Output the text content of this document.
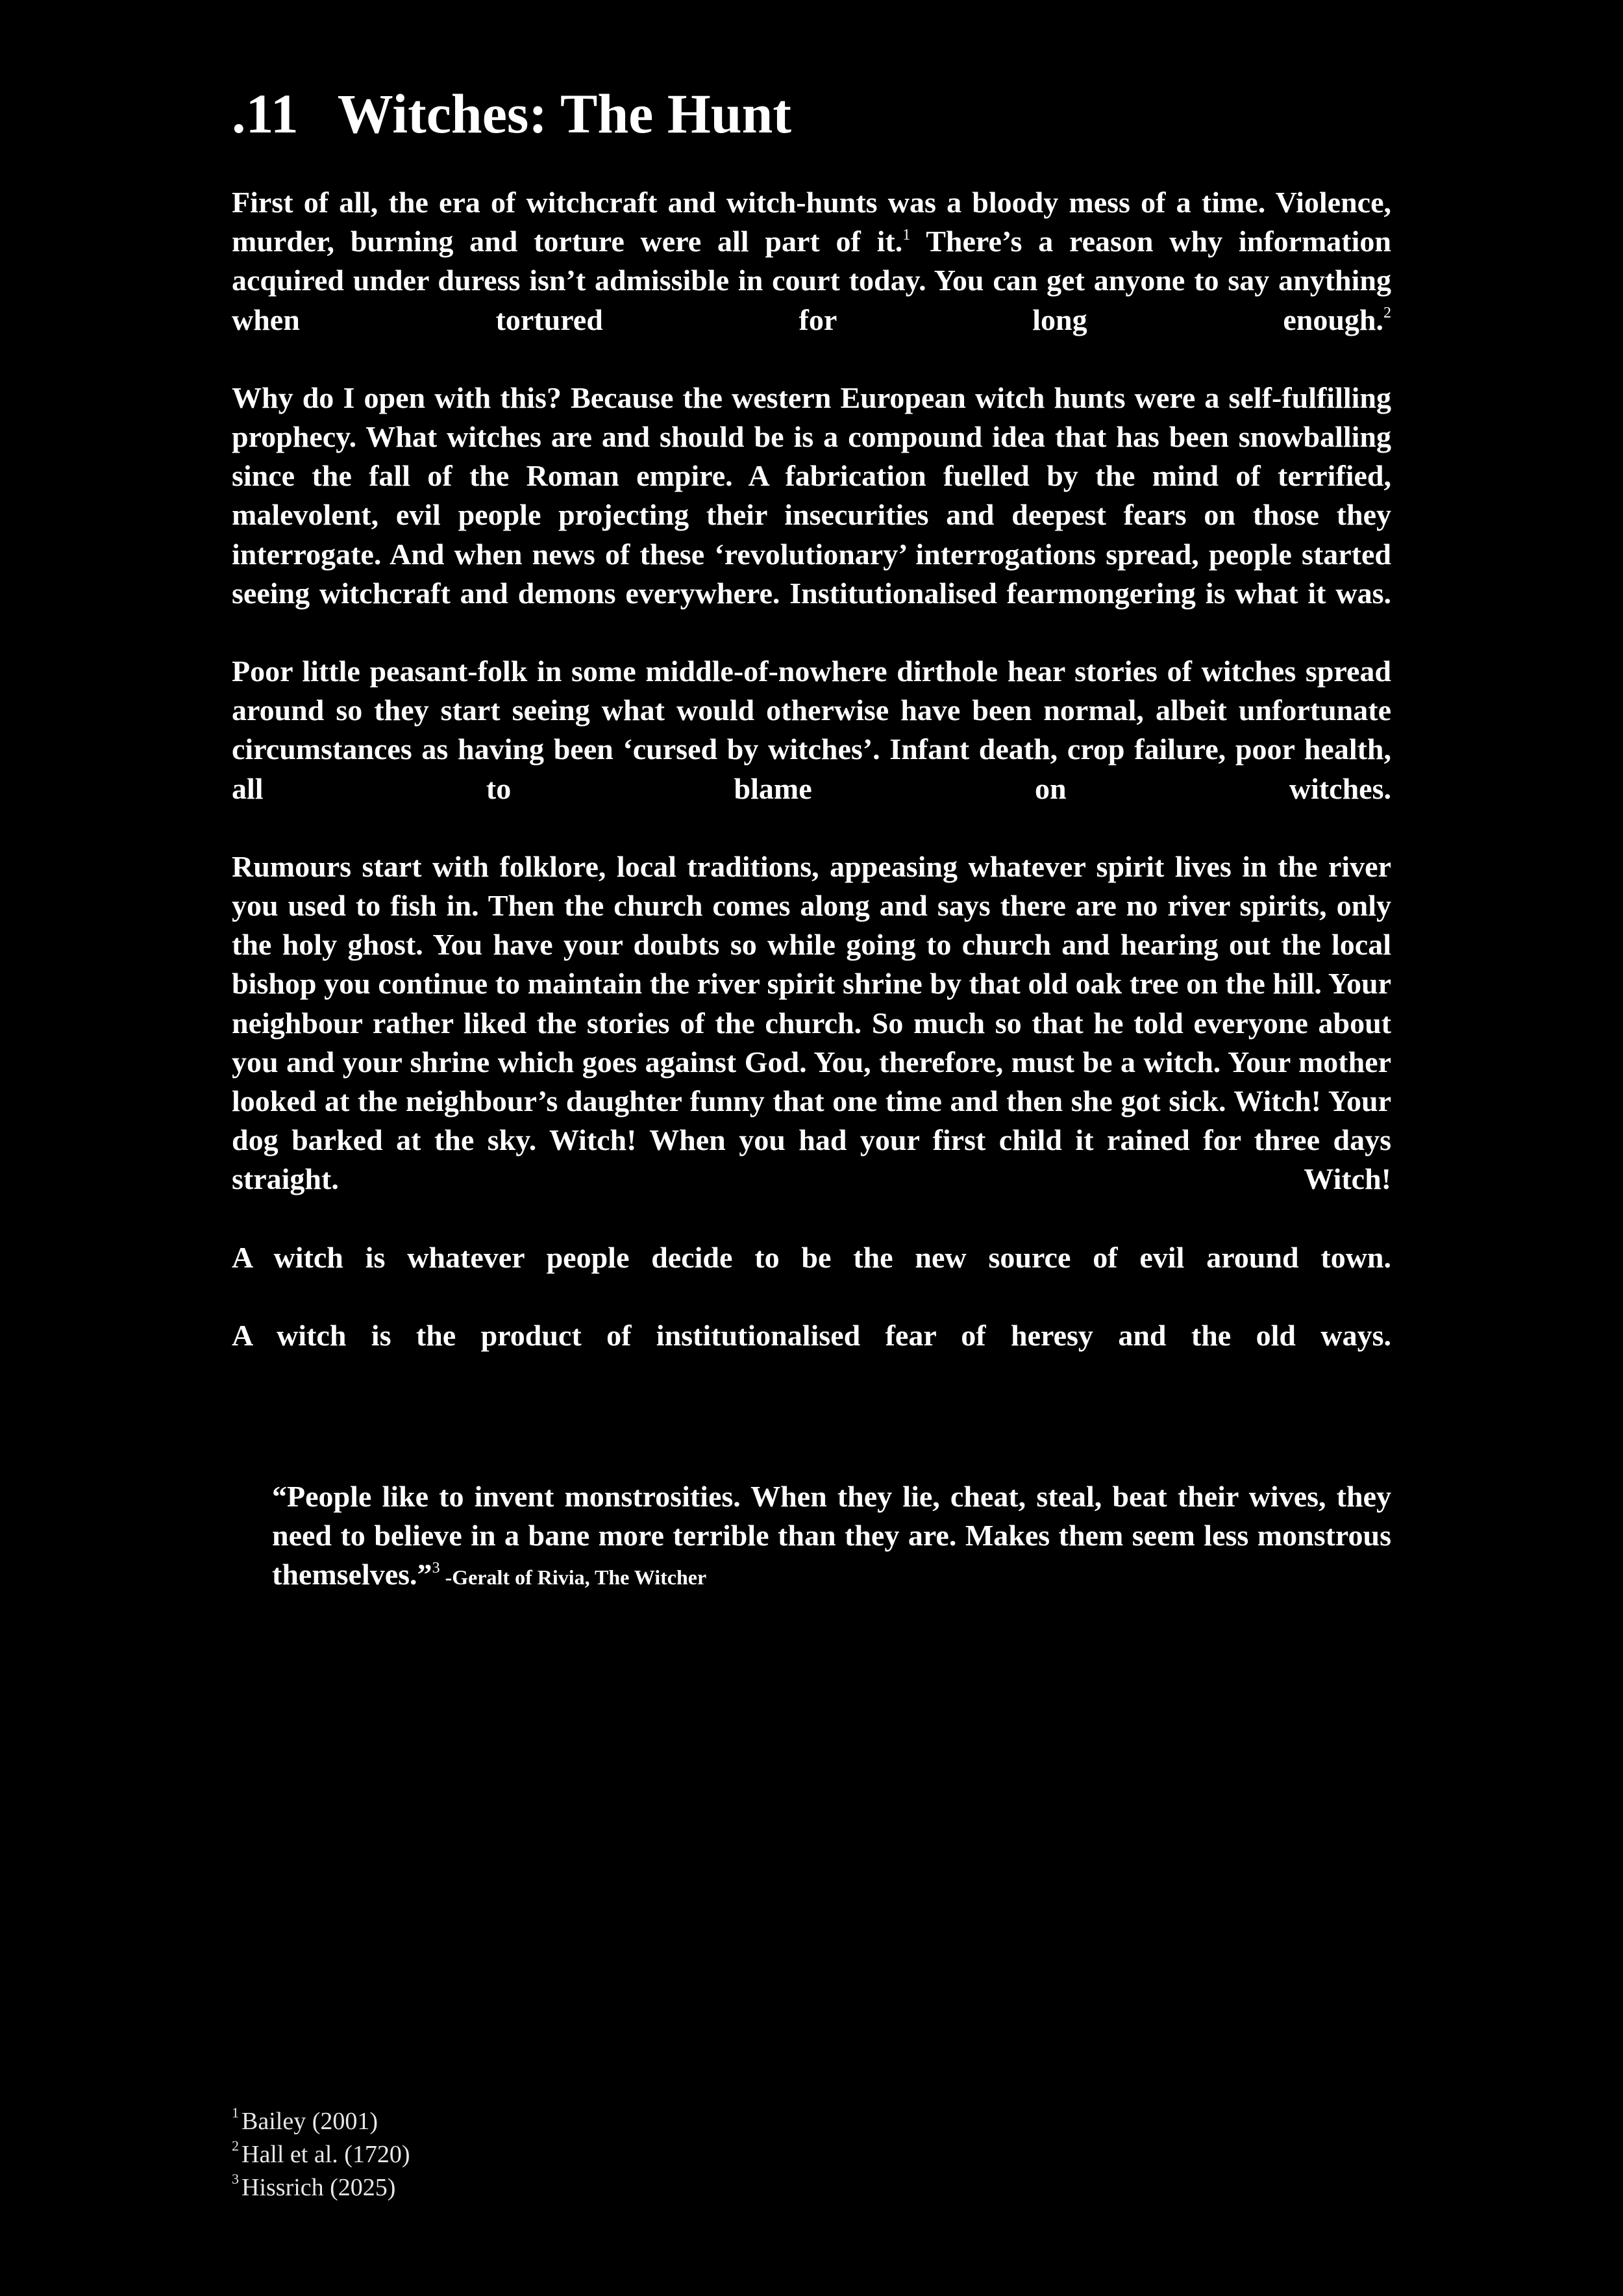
.11 Witches: The Hunt

First of all, the era of witchcraft and witch-hunts was a bloody mess of a time. Violence, murder, burning and torture were all part of it.$^1$ There’s a reason why information acquired under duress isn’t admissible in court today. You can get anyone to say anything when tortured for long enough.$^2$

Why do I open with this? Because the western European witch hunts were a self-fulfilling prophecy. What witches are and should be is a compound idea that has been snowballing since the fall of the Roman empire. A fabrication fuelled by the mind of terrified, malevolent, evil people projecting their insecurities and deepest fears on those they interrogate. And when news of these ‘revolutionary’ interrogations spread, people started seeing witchcraft and demons everywhere. Institutionalised fearmongering is what it was.

Poor little peasant-folk in some middle-of-nowhere dirthole hear stories of witches spread around so they start seeing what would otherwise have been normal, albeit unfortunate circumstances as having been ‘cursed by witches’. Infant death, crop failure, poor health, all to blame on witches.

Rumours start with folklore, local traditions, appeasing whatever spirit lives in the river you used to fish in. Then the church comes along and says there are no river spirits, only the holy ghost. You have your doubts so while going to church and hearing out the local bishop you continue to maintain the river spirit shrine by that old oak tree on the hill. Your neighbour rather liked the stories of the church. So much so that he told everyone about you and your shrine which goes against God. You, therefore, must be a witch. Your mother looked at the neighbour’s daughter funny that one time and then she got sick. Witch! Your dog barked at the sky. Witch! When you had your first child it rained for three days straight. Witch!

A witch is whatever people decide to be the new source of evil around town.

A witch is the product of institutionalised fear of heresy and the old ways.

“People like to invent monstrosities. When they lie, cheat, steal, beat their wives, they need to believe in a bane more terrible than they are. Makes them seem less monstrous themselves.”$^3$ -Geralt of Rivia, The Witcher

$^1$ Bailey (2001)
$^2$ Hall et al. (1720)
$^3$ Hissrich (2025)
